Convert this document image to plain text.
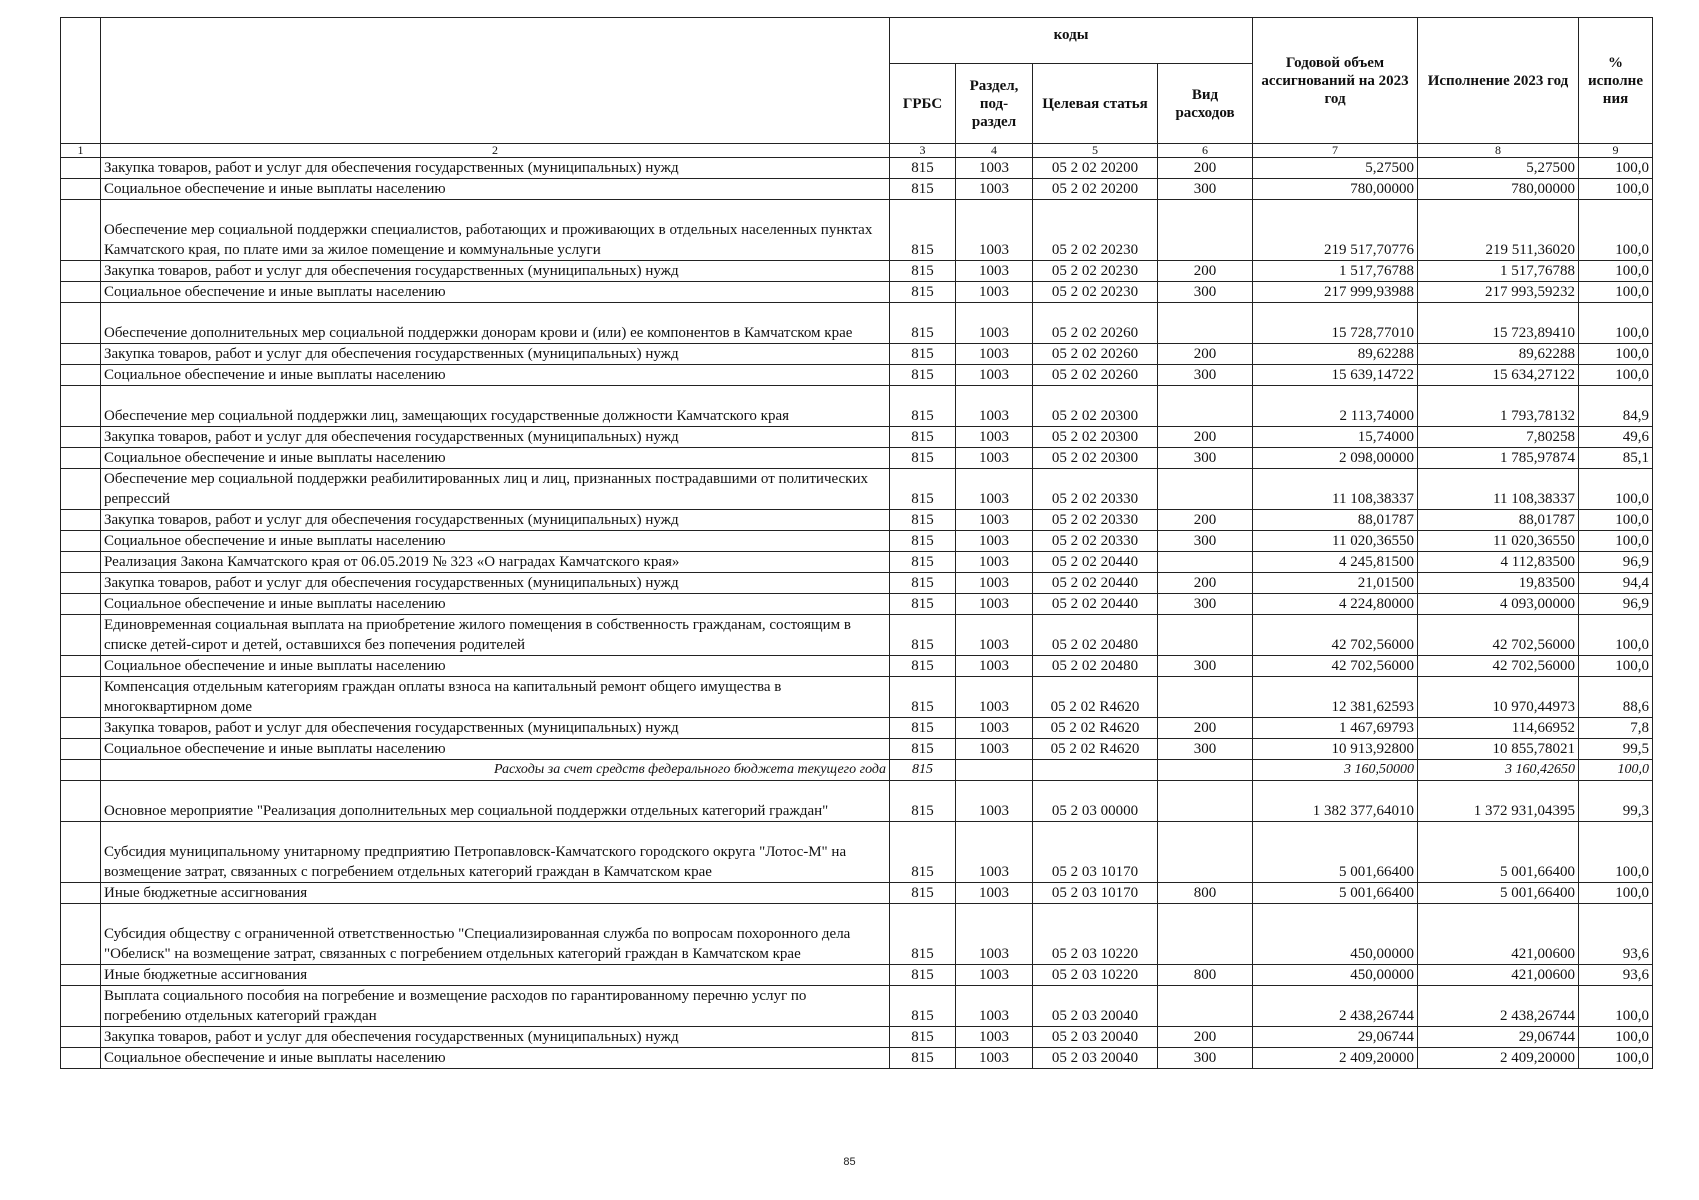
		коды				Годовой объем ассигнований на 2023 год	Исполнение 2023 год	% исполне ния
		ГРБС	Раздел, под-раздел	Целевая статья	Вид расходов			
1	2	3	4	5	6	7	8	9
	Закупка товаров, работ и услуг для обеспечения государственных (муниципальных) нужд	815	1003	05 2 02 20200	200	5,27500	5,27500	100,0
	Социальное обеспечение и иные выплаты населению	815	1003	05 2 02 20200	300	780,00000	780,00000	100,0
	Обеспечение мер социальной поддержки специалистов, работающих и проживающих в отдельных населенных пунктах Камчатского края, по плате ими за жилое помещение и коммунальные услуги	815	1003	05 2 02 20230		219 517,70776	219 511,36020	100,0
	Закупка товаров, работ и услуг для обеспечения государственных (муниципальных) нужд	815	1003	05 2 02 20230	200	1 517,76788	1 517,76788	100,0
	Социальное обеспечение и иные выплаты населению	815	1003	05 2 02 20230	300	217 999,93988	217 993,59232	100,0
	Обеспечение дополнительных мер социальной поддержки донорам крови и (или) ее компонентов в Камчатском крае	815	1003	05 2 02 20260		15 728,77010	15 723,89410	100,0
	Закупка товаров, работ и услуг для обеспечения государственных (муниципальных) нужд	815	1003	05 2 02 20260	200	89,62288	89,62288	100,0
	Социальное обеспечение и иные выплаты населению	815	1003	05 2 02 20260	300	15 639,14722	15 634,27122	100,0
	Обеспечение мер социальной поддержки лиц, замещающих государственные должности Камчатского края	815	1003	05 2 02 20300		2 113,74000	1 793,78132	84,9
	Закупка товаров, работ и услуг для обеспечения государственных (муниципальных) нужд	815	1003	05 2 02 20300	200	15,74000	7,80258	49,6
	Социальное обеспечение и иные выплаты населению	815	1003	05 2 02 20300	300	2 098,00000	1 785,97874	85,1
	Обеспечение мер социальной поддержки реабилитированных лиц и лиц, признанных пострадавшими от политических репрессий	815	1003	05 2 02 20330		11 108,38337	11 108,38337	100,0
	Закупка товаров, работ и услуг для обеспечения государственных (муниципальных) нужд	815	1003	05 2 02 20330	200	88,01787	88,01787	100,0
	Социальное обеспечение и иные выплаты населению	815	1003	05 2 02 20330	300	11 020,36550	11 020,36550	100,0
	Реализация Закона Камчатского края от 06.05.2019 № 323 «О наградах Камчатского края»	815	1003	05 2 02 20440		4 245,81500	4 112,83500	96,9
	Закупка товаров, работ и услуг для обеспечения государственных (муниципальных) нужд	815	1003	05 2 02 20440	200	21,01500	19,83500	94,4
	Социальное обеспечение и иные выплаты населению	815	1003	05 2 02 20440	300	4 224,80000	4 093,00000	96,9
	Единовременная социальная выплата на приобретение жилого помещения в собственность гражданам, состоящим в списке детей-сирот и детей, оставшихся без попечения родителей	815	1003	05 2 02 20480		42 702,56000	42 702,56000	100,0
	Социальное обеспечение и иные выплаты населению	815	1003	05 2 02 20480	300	42 702,56000	42 702,56000	100,0
	Компенсация отдельным категориям граждан оплаты взноса на капитальный ремонт общего имущества в многоквартирном доме	815	1003	05 2 02 R4620		12 381,62593	10 970,44973	88,6
	Закупка товаров, работ и услуг для обеспечения государственных (муниципальных) нужд	815	1003	05 2 02 R4620	200	1 467,69793	114,66952	7,8
	Социальное обеспечение и иные выплаты населению	815	1003	05 2 02 R4620	300	10 913,92800	10 855,78021	99,5
	Расходы за счет средств федерального бюджета текущего года	815				3 160,50000	3 160,42650	100,0
	Основное мероприятие "Реализация дополнительных мер социальной поддержки отдельных категорий граждан"	815	1003	05 2 03 00000		1 382 377,64010	1 372 931,04395	99,3
	Субсидия муниципальному унитарному предприятию Петропавловск-Камчатского городского округа "Лотос-М" на возмещение затрат, связанных с погребением отдельных категорий граждан в Камчатском крае	815	1003	05 2 03 10170		5 001,66400	5 001,66400	100,0
	Иные бюджетные ассигнования	815	1003	05 2 03 10170	800	5 001,66400	5 001,66400	100,0
	Субсидия обществу с ограниченной ответственностью "Специализированная служба по вопросам похоронного дела "Обелиск" на возмещение затрат, связанных с погребением отдельных категорий граждан в Камчатском крае	815	1003	05 2 03 10220		450,00000	421,00600	93,6
	Иные бюджетные ассигнования	815	1003	05 2 03 10220	800	450,00000	421,00600	93,6
	Выплата социального пособия на погребение и возмещение расходов по гарантированному перечню услуг по погребению отдельных категорий граждан	815	1003	05 2 03 20040		2 438,26744	2 438,26744	100,0
	Закупка товаров, работ и услуг для обеспечения государственных (муниципальных) нужд	815	1003	05 2 03 20040	200	29,06744	29,06744	100,0
	Социальное обеспечение и иные выплаты населению	815	1003	05 2 03 20040	300	2 409,20000	2 409,20000	100,0
85
